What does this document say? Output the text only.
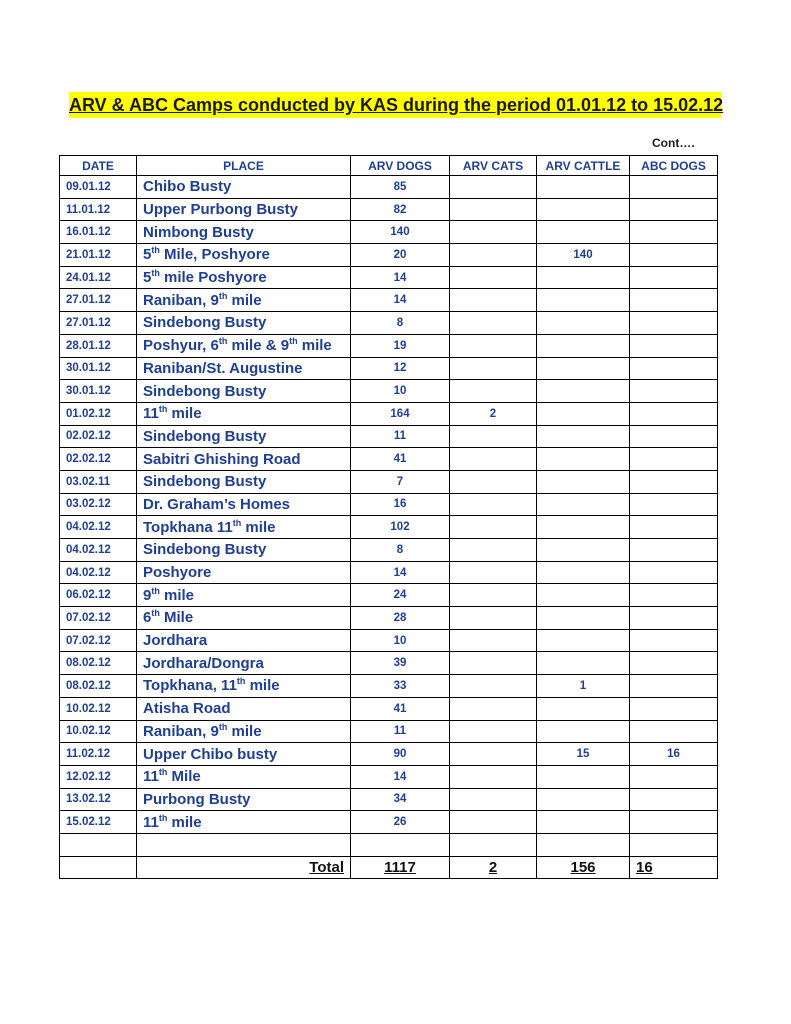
ARV & ABC Camps conducted by KAS during the period 01.01.12 to 15.02.12
Cont….
DATE	PLACE	ARV DOGS	ARV CATS	ARV CATTLE	ABC DOGS
09.01.12	Chibo Busty	85			
11.01.12	Upper Purbong Busty	82			
16.01.12	Nimbong Busty	140			
21.01.12	5th Mile, Poshyore	20		140	
24.01.12	5th mile Poshyore	14			
27.01.12	Raniban, 9th mile	14			
27.01.12	Sindebong Busty	8			
28.01.12	Poshyur, 6th mile & 9th mile	19			
30.01.12	Raniban/St. Augustine	12			
30.01.12	Sindebong Busty	10			
01.02.12	11th mile	164	2		
02.02.12	Sindebong Busty	11			
02.02.12	Sabitri Ghishing Road	41			
03.02.11	Sindebong Busty	7			
03.02.12	Dr. Graham’s Homes	16			
04.02.12	Topkhana 11th mile	102			
04.02.12	Sindebong Busty	8			
04.02.12	Poshyore	14			
06.02.12	9th mile	24			
07.02.12	6th Mile	28			
07.02.12	Jordhara	10			
08.02.12	Jordhara/Dongra	39			
08.02.12	Topkhana, 11th mile	33		1	
10.02.12	Atisha Road	41			
10.02.12	Raniban, 9th mile	11			
11.02.12	Upper Chibo busty	90		15	16
12.02.12	11th Mile	14			
13.02.12	Purbong Busty	34			
15.02.12	11th mile	26			

	Total	1117	2	156	16
